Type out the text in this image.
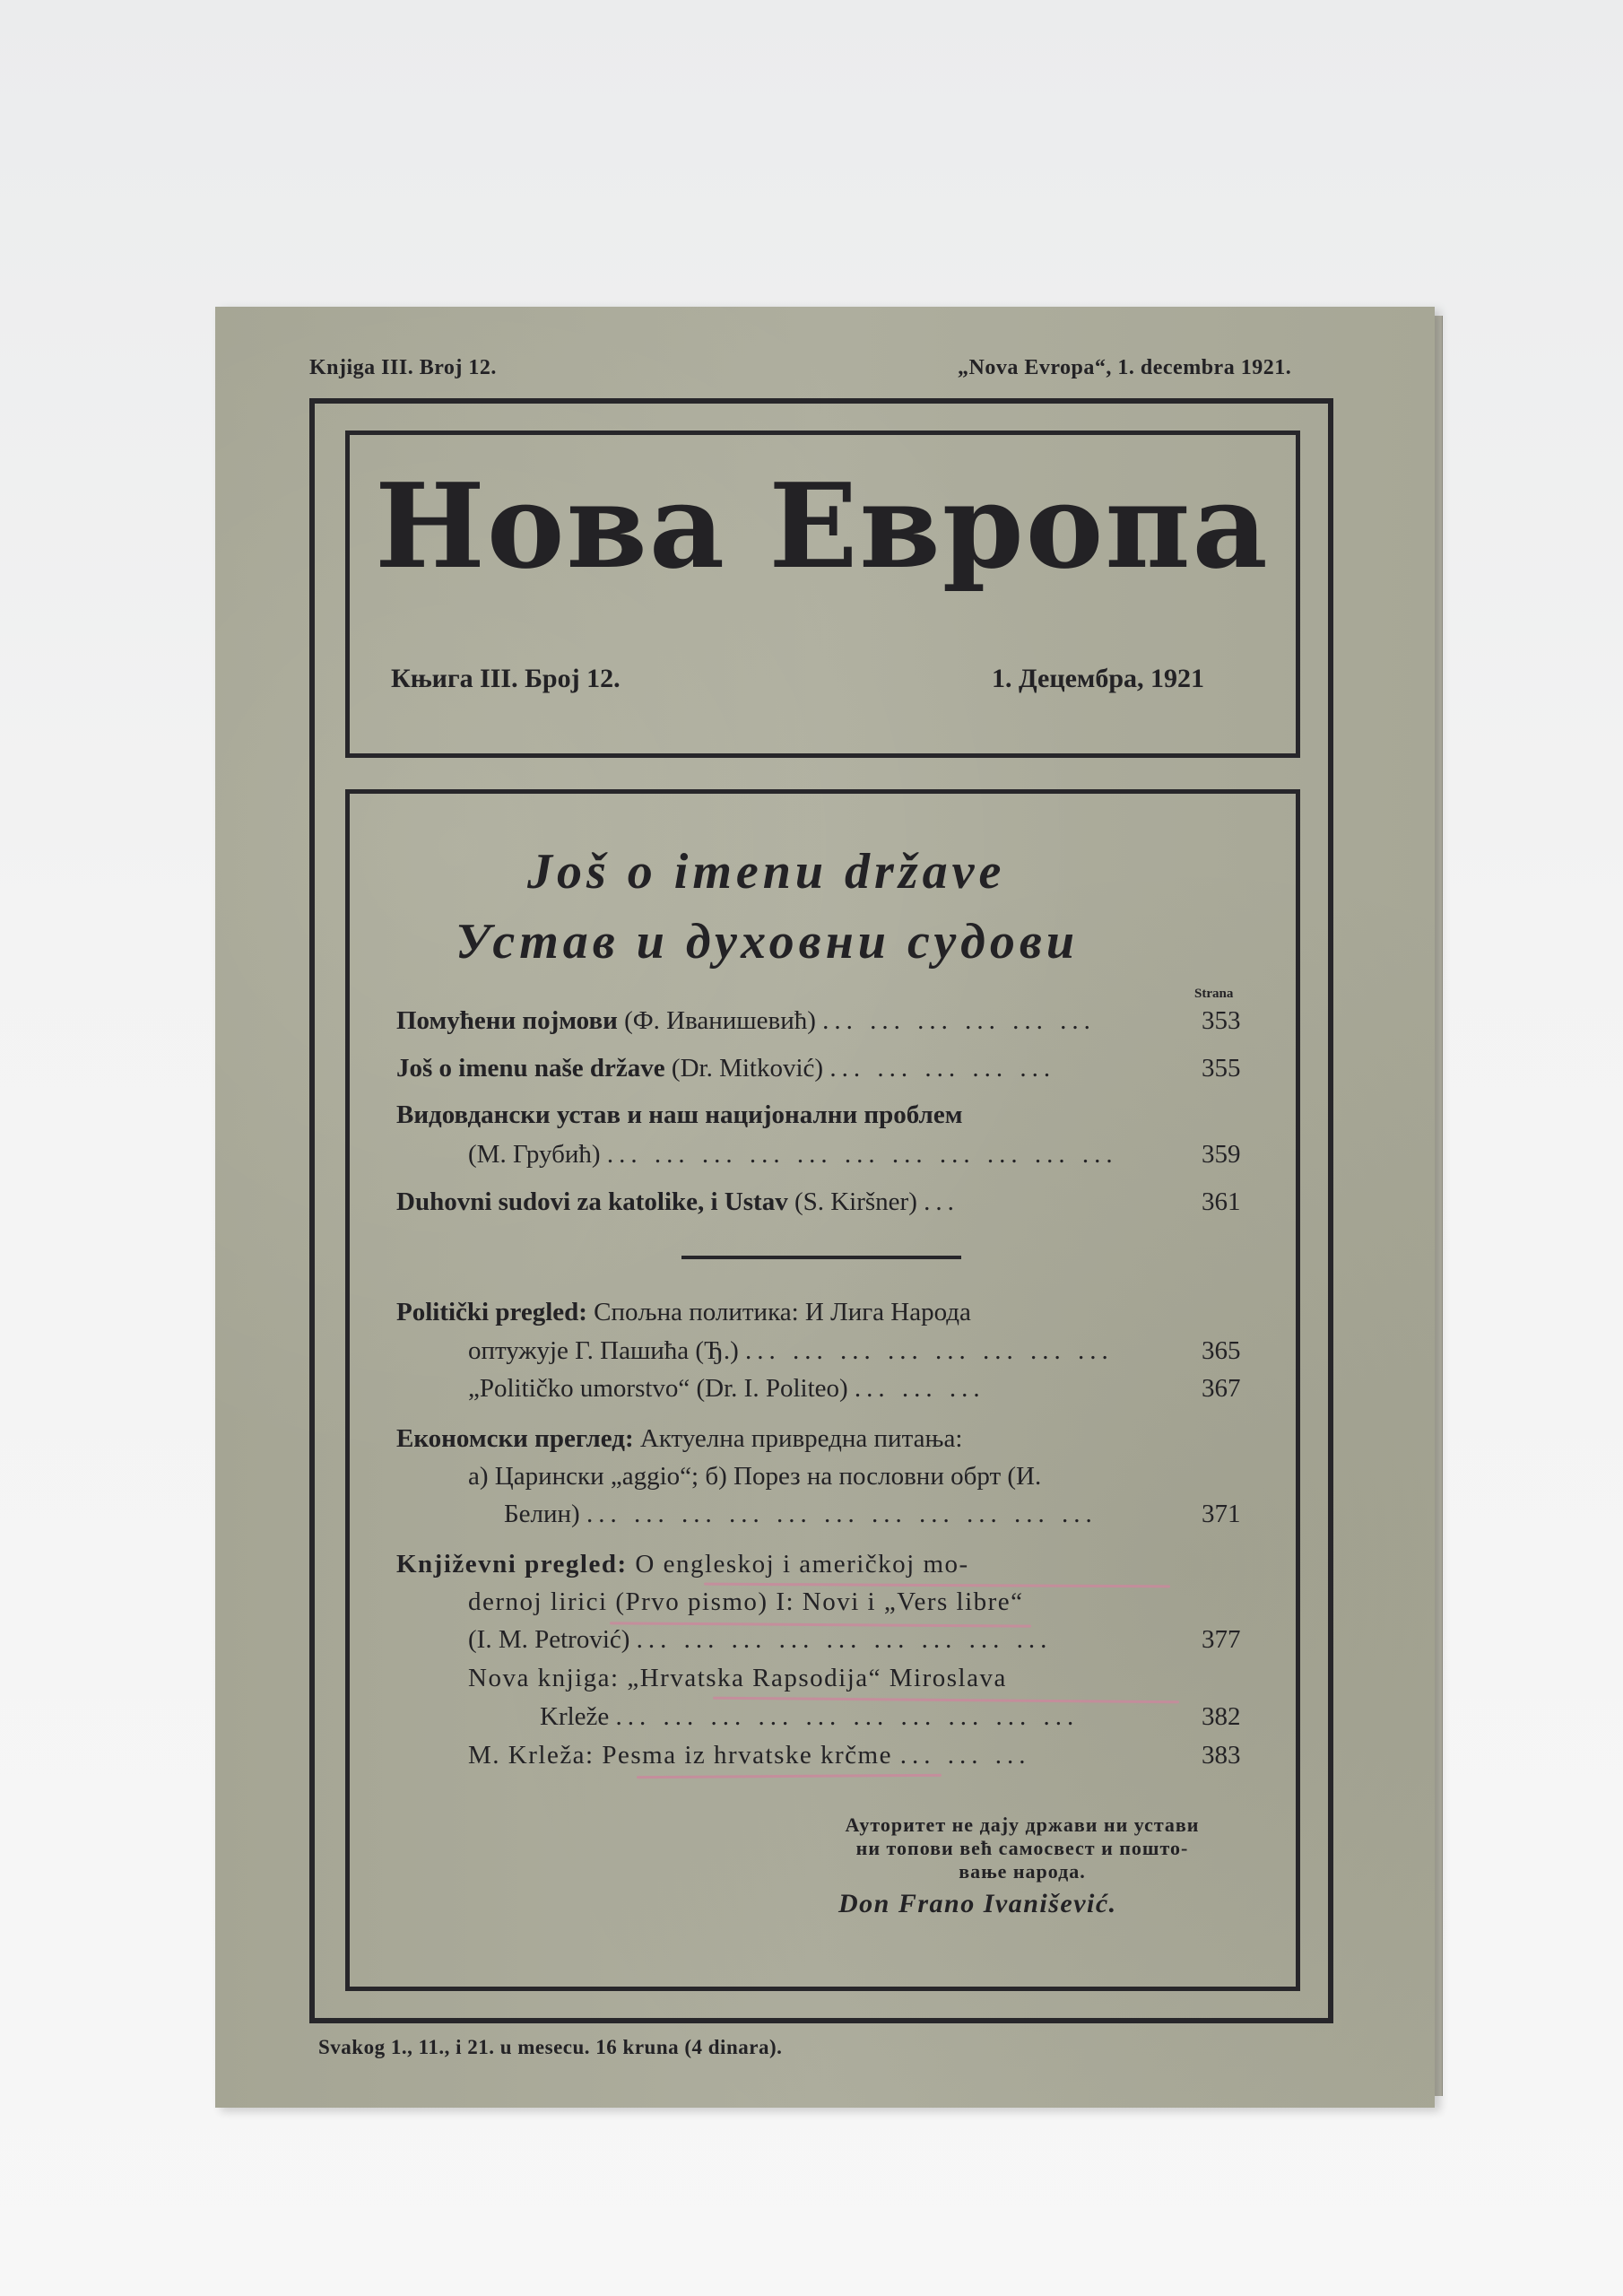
Knjiga III. Broj 12.	„Nova Evropa“, 1. decembra 1921.
Нова Европа
Књига III. Број 12.	1. Децембра, 1921
Još o imenu države
Устав и духовни судови
Strana
Помућени појмови (Ф. Иванишевић) ... ... ... ... ... ...	353
Još o imenu naše države (Dr. Mitković) ... ... ... ... ...	355
Видовдански устав и наш нацијонални проблем
(М. Грубић) ... ... ... ... ... ... ... ... ... ... ...	359
Duhovni sudovi za katolike, i Ustav (S. Kiršner) ...	361
Politički pregled: Спољна политика: И Лига Народа
оптужује Г. Пашића (Ђ.) ... ... ... ... ... ... ... ...	365
„Političko umorstvo“ (Dr. I. Politeo) ... ... ...	367
Економски преглед: Актуелна привредна питања:
а) Царински „aggio“; б) Порез на пословни обрт (И.
Белин) ... ... ... ... ... ... ... ... ... ... ...	371
Književni pregled: O engleskoj i američkoj mo-
dernoj lirici (Prvo pismo) I: Novi i „Vers libre“
(I. M. Petrović) ... ... ... ... ... ... ... ... ...	377
Nova knjiga: „Hrvatska Rapsodija“ Miroslava
Krleže ... ... ... ... ... ... ... ... ... ...	382
M. Krleža: Pesma iz hrvatske krčme ... ... ...	383
Ауторитет не дају држави ни устави
ни топови већ самосвест и пошто-
вање народа.
Don Frano Ivanišević.
Svakog 1., 11., i 21. u mesecu. 16 kruna (4 dinara).
